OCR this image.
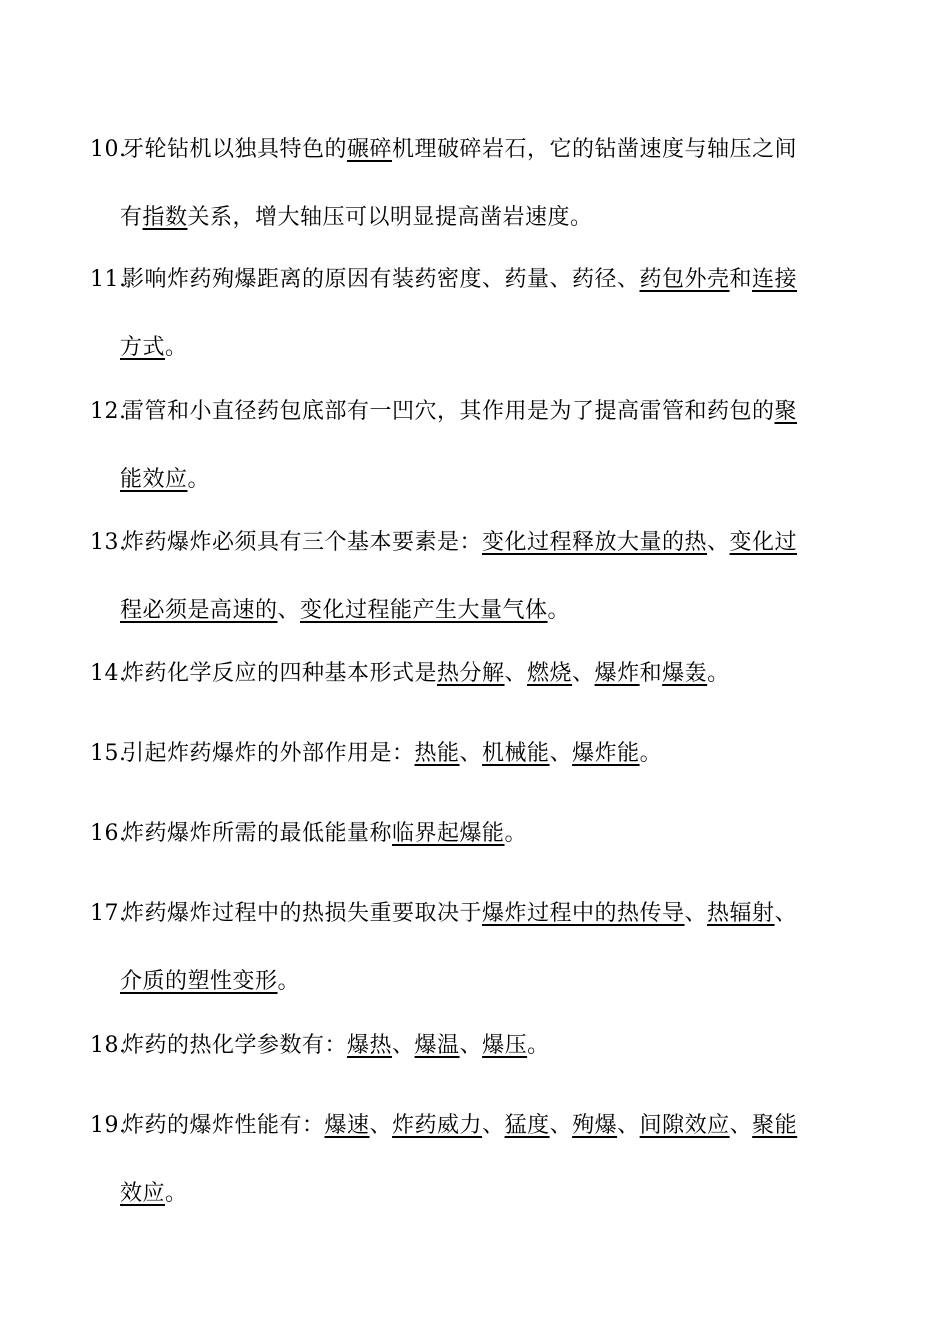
10.牙轮钻机以独具特色的碾碎机理破碎岩石，它的钻凿速度与轴压之间
有指数关系，增大轴压可以明显提高凿岩速度。
11.影响炸药殉爆距离的原因有装药密度、药量、药径、药包外壳和连接
方式。
12.雷管和小直径药包底部有一凹穴，其作用是为了提高雷管和药包的聚
能效应。
13.炸药爆炸必须具有三个基本要素是：变化过程释放大量的热、变化过
程必须是高速的、变化过程能产生大量气体。
14.炸药化学反应的四种基本形式是热分解、燃烧、爆炸和爆轰。
15.引起炸药爆炸的外部作用是：热能、机械能、爆炸能。
16.炸药爆炸所需的最低能量称临界起爆能。
17.炸药爆炸过程中的热损失重要取决于爆炸过程中的热传导、热辐射、
介质的塑性变形。
18.炸药的热化学参数有：爆热、爆温、爆压。
19.炸药的爆炸性能有：爆速、炸药威力、猛度、殉爆、间隙效应、聚能
效应。
